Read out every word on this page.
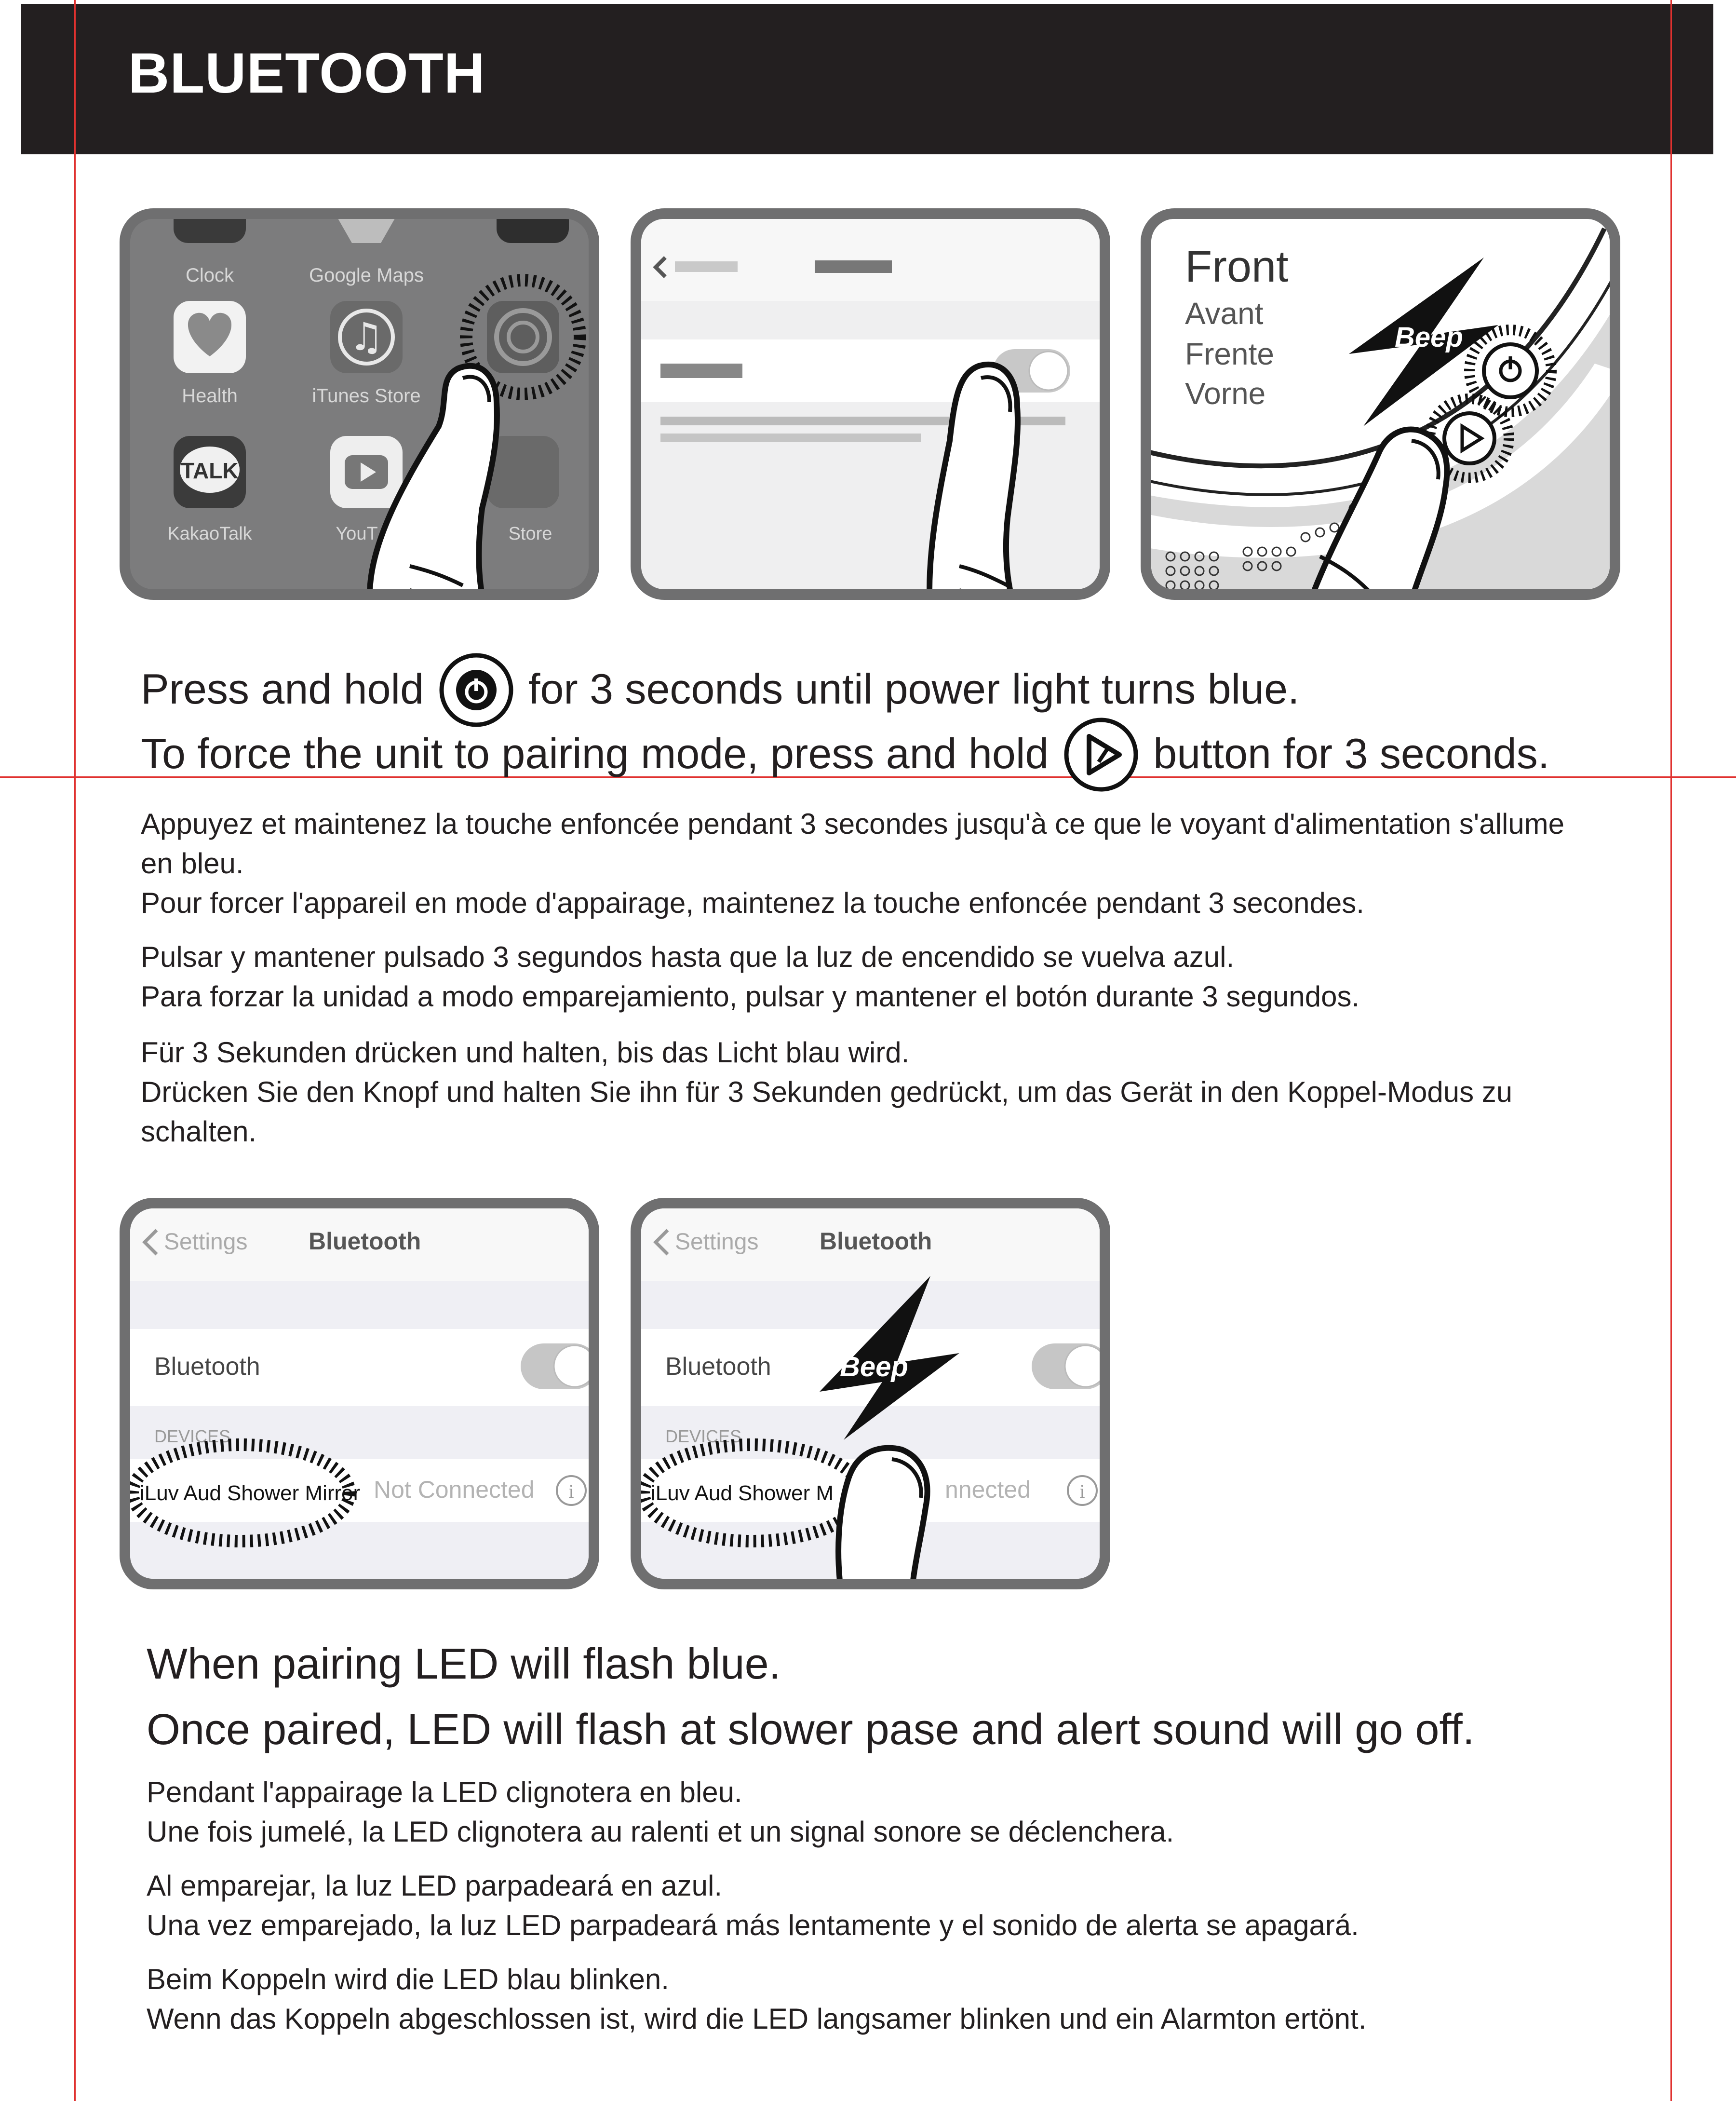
BLUETOOTH
Clock	Google Maps
♫
Health	iTunes Store
TALK
KakaoTalk	YouT	Store
Front
Avant
Frente
Vorne
Beep
Press and hold for 3 seconds until power light turns blue.
To force the unit to pairing mode, press and hold button for 3 seconds.
Appuyez et maintenez la touche enfoncée pendant 3 secondes jusqu'à ce que le voyant d'alimentation s'allume
en bleu.
Pour forcer l'appareil en mode d'appairage, maintenez la touche enfoncée pendant 3 secondes.
Pulsar y mantener pulsado 3 segundos hasta que la luz de encendido se vuelva azul.
Para forzar la unidad a modo emparejamiento, pulsar y mantener el botón durante 3 segundos.
Für 3 Sekunden drücken und halten, bis das Licht blau wird.
Drücken Sie den Knopf und halten Sie ihn für 3 Sekunden gedrückt, um das Gerät in den Koppel-Modus zu
schalten.
Settings	Bluetooth
Bluetooth
DEVICES
Not Connected i
iLuv Aud Shower Mirror
Settings	Bluetooth
Bluetooth
DEVICES
nnected	i
iLuv Aud Shower M
Beep
When pairing LED will flash blue.
Once paired, LED will flash at slower pase and alert sound will go off.
Pendant l'appairage la LED clignotera en bleu.
Une fois jumelé, la LED clignotera au ralenti et un signal sonore se déclenchera.
Al emparejar, la luz LED parpadeará en azul.
Una vez emparejado, la luz LED parpadeará más lentamente y el sonido de alerta se apagará.
Beim Koppeln wird die LED blau blinken.
Wenn das Koppeln abgeschlossen ist, wird die LED langsamer blinken und ein Alarmton ertönt.
